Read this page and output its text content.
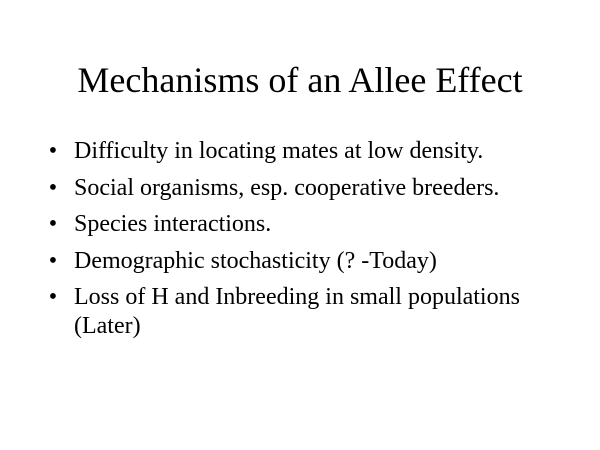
Mechanisms of an Allee Effect
• Difficulty in locating mates at low density.
• Social organisms, esp. cooperative breeders.
• Species interactions.
• Demographic stochasticity (? -Today)
• Loss of H and Inbreeding in small populations (Later)
